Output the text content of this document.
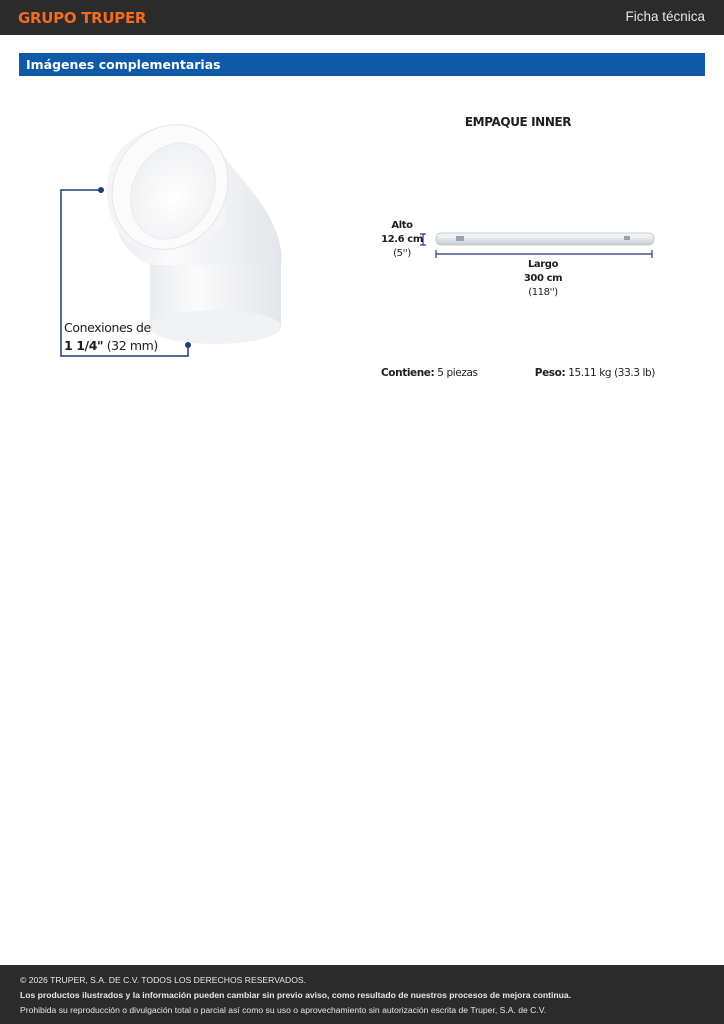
GRUPO TRUPER	Ficha técnica
Imágenes complementarias
Conexiones de
1 1/4" (32 mm)
EMPAQUE INNER
Alto
12.6 cm
(5'')
Largo
300 cm
(118'')
Contiene: 5 piezas	Peso: 15.11 kg (33.3 lb)

© 2026 TRUPER, S.A. DE C.V. TODOS LOS DERECHOS RESERVADOS.

Los productos ilustrados y la información pueden cambiar sin previo aviso, como resultado de nuestros procesos de mejora continua.

Prohibida su reproducción o divulgación total o parcial así como su uso o aprovechamiento sin autorización escrita de Truper, S.A. de C.V.
